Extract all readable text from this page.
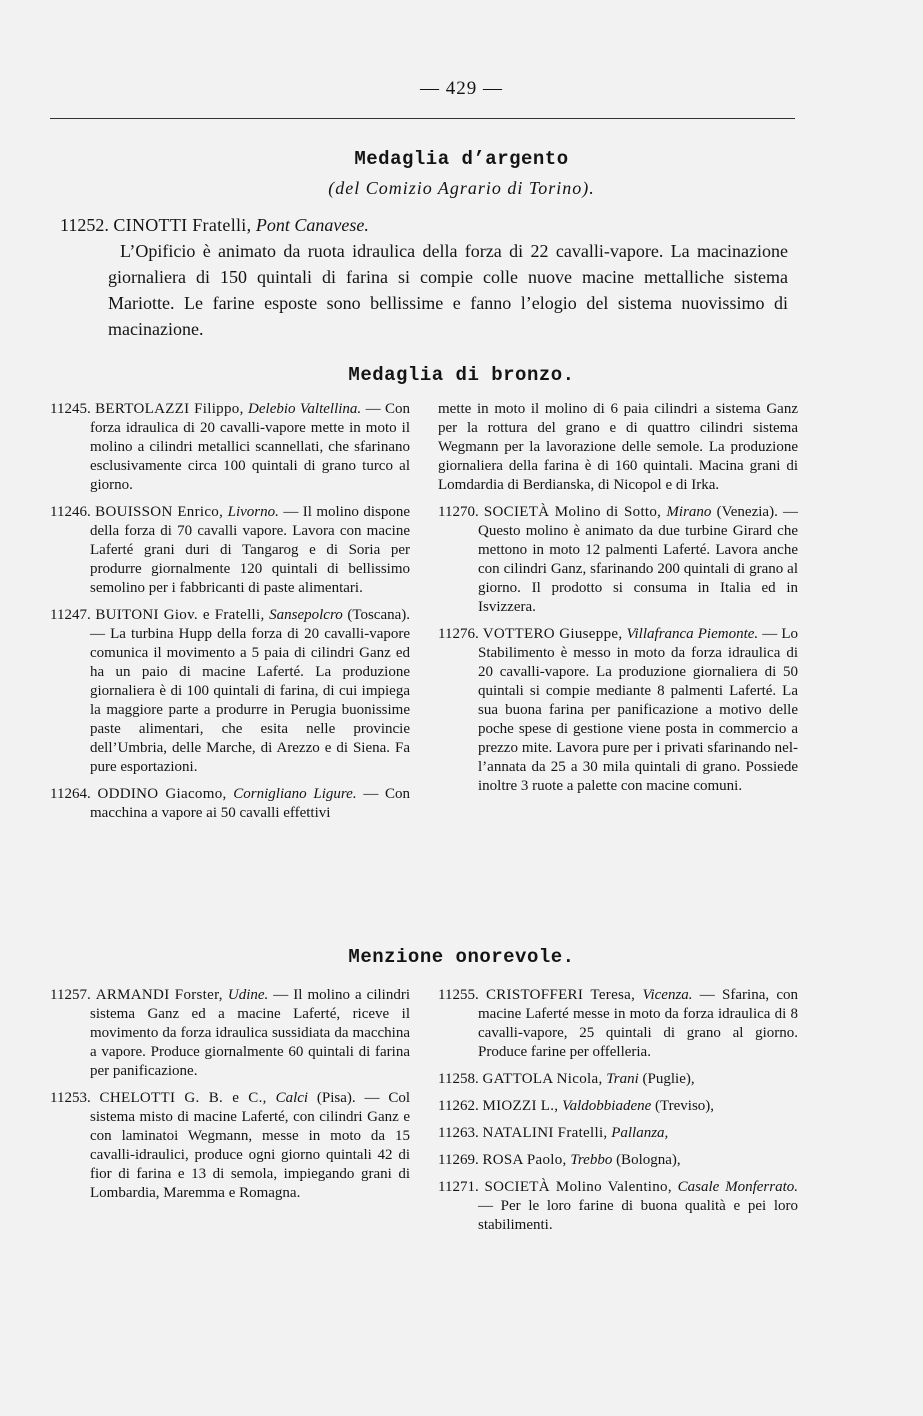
— 429 —
Medaglia d’argento
(del Comizio Agrario di Torino).
11252. CINOTTI Fratelli, Pont Canavese.
L’Opificio è animato da ruota idraulica della forza di 22 cavalli-vapore. La macinazione giornaliera di 150 quintali di farina si compie colle nuove macine mettalliche sistema Mariotte. Le farine esposte sono bellissime e fanno l’elogio del sistema nuovissimo di macinazione.
Medaglia di bronzo.
11245. BERTOLAZZI Filippo, Delebio Valtellina. — Con forza idraulica di 20 cavalli-vapore mette in moto il molino a cilindri metallici scannellati, che sfarinano esclusivamente circa 100 quintali di grano turco al giorno.
11246. BOUISSON Enrico, Livorno. — Il molino dispone della forza di 70 cavalli vapore. Lavora con macine Laferté grani duri di Tangarog e di Soria per produrre giornalmente 120 quintali di bellissimo semolino per i fabbricanti di paste alimentari.
11247. BUITONI Giov. e Fratelli, Sansepolcro (Toscana). — La turbina Hupp della forza di 20 cavalli-vapore comunica il movimento a 5 paia di cilindri Ganz ed ha un paio di macine Laferté. La produzione giornaliera è di 100 quintali di farina, di cui impiega la maggiore parte a produrre in Perugia buonissime paste alimentari, che esita nelle provincie dell’Umbria, delle Marche, di Arezzo e di Siena. Fa pure esportazioni.
11264. ODDINO Giacomo, Cornigliano Ligure. — Con macchina a vapore ai 50 cavalli effettivi
mette in moto il molino di 6 paia cilindri a sistema Ganz per la rottura del grano e di quattro cilindri sistema Wegmann per la lavorazione delle semole. La produzione giornaliera della farina è di 160 quintali. Macina grani di Lomdardia di Berdianska, di Nicopol e di Irka.
11270. SOCIETÀ Molino di Sotto, Mirano (Venezia). — Questo molino è animato da due turbine Girard che mettono in moto 12 palmenti Laferté. Lavora anche con cilindri Ganz, sfarinando 200 quintali di grano al giorno. Il prodotto si consuma in Italia ed in Isvizzera.
11276. VOTTERO Giuseppe, Villafranca Piemonte. — Lo Stabilimento è messo in moto da forza idraulica di 20 cavalli-vapore. La produzione giornaliera di 50 quintali si compie mediante 8 palmenti Laferté. La sua buona farina per panificazione a motivo delle poche spese di gestione viene posta in commercio a prezzo mite. Lavora pure per i privati sfarinando nel-l’annata da 25 a 30 mila quintali di grano. Possiede inoltre 3 ruote a palette con macine comuni.
Menzione onorevole.
11257. ARMANDI Forster, Udine. — Il molino a cilindri sistema Ganz ed a macine Laferté, riceve il movimento da forza idraulica sussidiata da macchina a vapore. Produce giornalmente 60 quintali di farina per panificazione.
11253. CHELOTTI G. B. e C., Calci (Pisa). — Col sistema misto di macine Laferté, con cilindri Ganz e con laminatoi Wegmann, messe in moto da 15 cavalli-idraulici, produce ogni giorno quintali 42 di fior di farina e 13 di semola, impiegando grani di Lombardia, Maremma e Romagna.
11255. CRISTOFFERI Teresa, Vicenza. — Sfarina, con macine Laferté messe in moto da forza idraulica di 8 cavalli-vapore, 25 quintali di grano al giorno. Produce farine per offelleria.
11258. GATTOLA Nicola, Trani (Puglie),
11262. MIOZZI L., Valdobbiadene (Treviso),
11263. NATALINI Fratelli, Pallanza,
11269. ROSA Paolo, Trebbo (Bologna),
11271. SOCIETÀ Molino Valentino, Casale Monferrato. — Per le loro farine di buona qualità e pei loro stabilimenti.
